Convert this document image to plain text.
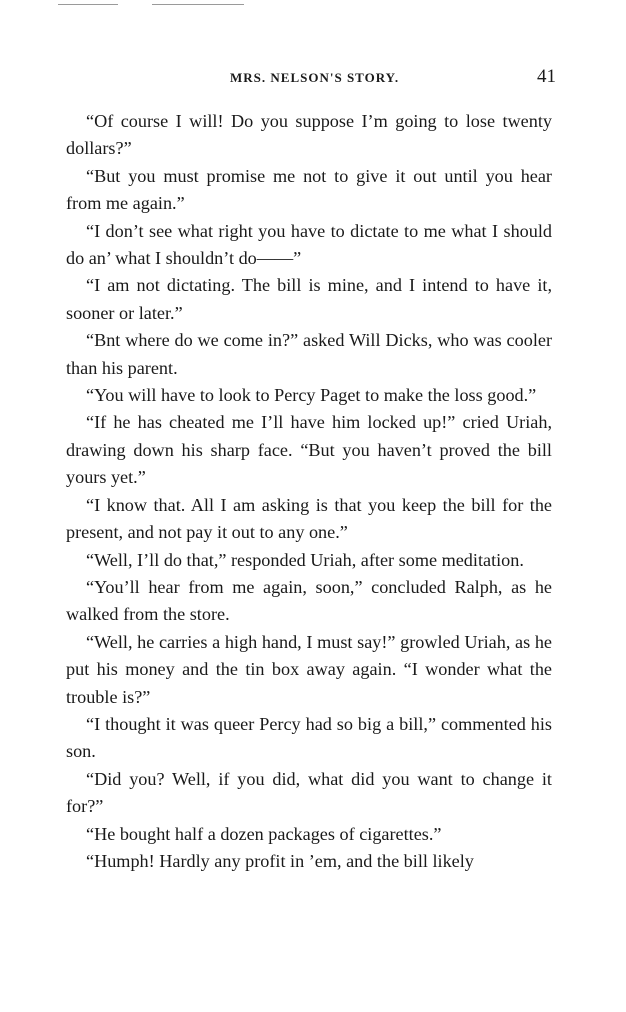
MRS. NELSON'S STORY.	41

“Of course I will! Do you suppose I’m going to lose twenty dollars?”

“But you must promise me not to give it out until you hear from me again.”

“I don’t see what right you have to dictate to me what I should do an’ what I shouldn’t do——”

“I am not dictating. The bill is mine, and I intend to have it, sooner or later.”

“Bnt where do we come in?” asked Will Dicks, who was cooler than his parent.

“You will have to look to Percy Paget to make the loss good.”

“If he has cheated me I’ll have him locked up!” cried Uriah, drawing down his sharp face. “But you haven’t proved the bill yours yet.”

“I know that. All I am asking is that you keep the bill for the present, and not pay it out to any one.”

“Well, I’ll do that,” responded Uriah, after some meditation.

“You’ll hear from me again, soon,” concluded Ralph, as he walked from the store.

“Well, he carries a high hand, I must say!” growled Uriah, as he put his money and the tin box away again. “I wonder what the trouble is?”

“I thought it was queer Percy had so big a bill,” commented his son.

“Did you? Well, if you did, what did you want to change it for?”

“He bought half a dozen packages of cigarettes.”

“Humph! Hardly any profit in ’em, and the bill likely
